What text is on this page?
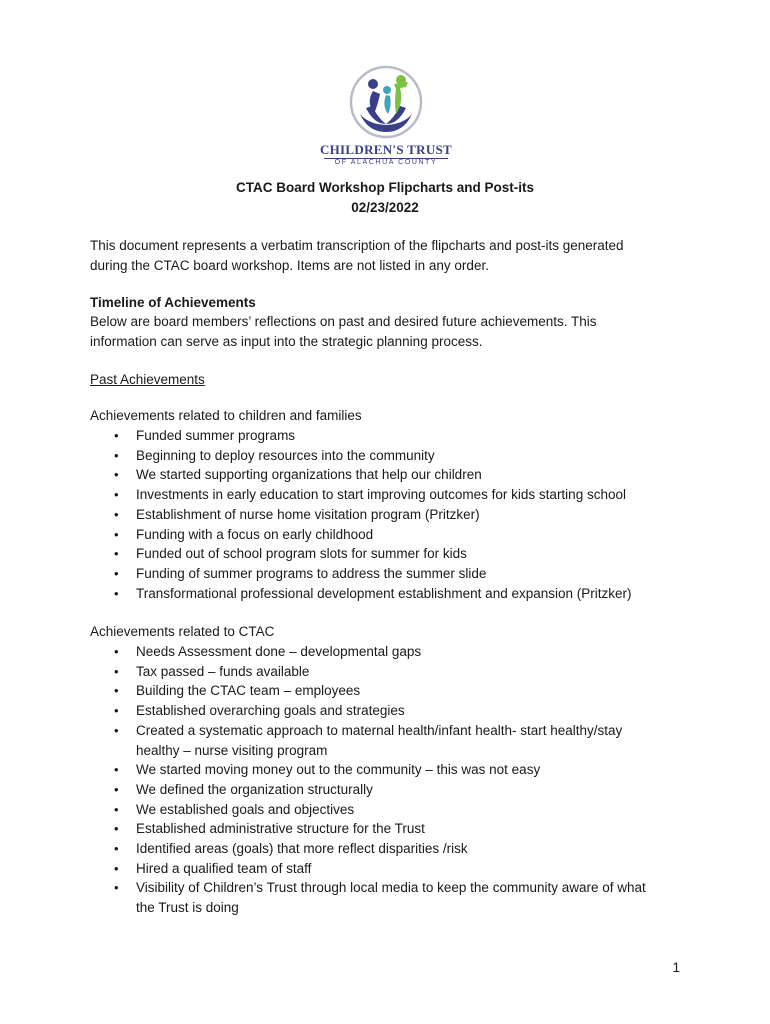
CHILDREN'S TRUST
OF ALACHUA COUNTY
CTAC Board Workshop Flipcharts and Post-its
02/23/2022
This document represents a verbatim transcription of the flipcharts and post-its generated
during the CTAC board workshop. Items are not listed in any order.
Timeline of Achievements
Below are board members’ reflections on past and desired future achievements. This
information can serve as input into the strategic planning process.
Past Achievements
Achievements related to children and families
• Funded summer programs
• Beginning to deploy resources into the community
• We started supporting organizations that help our children
• Investments in early education to start improving outcomes for kids starting school
• Establishment of nurse home visitation program (Pritzker)
• Funding with a focus on early childhood
• Funded out of school program slots for summer for kids
• Funding of summer programs to address the summer slide
• Transformational professional development establishment and expansion (Pritzker)
Achievements related to CTAC
• Needs Assessment done – developmental gaps
• Tax passed – funds available
• Building the CTAC team – employees
• Established overarching goals and strategies
• Created a systematic approach to maternal health/infant health- start healthy/stay
healthy – nurse visiting program
• We started moving money out to the community – this was not easy
• We defined the organization structurally
• We established goals and objectives
• Established administrative structure for the Trust
• Identified areas (goals) that more reflect disparities /risk
• Hired a qualified team of staff
• Visibility of Children’s Trust through local media to keep the community aware of what
the Trust is doing
1
